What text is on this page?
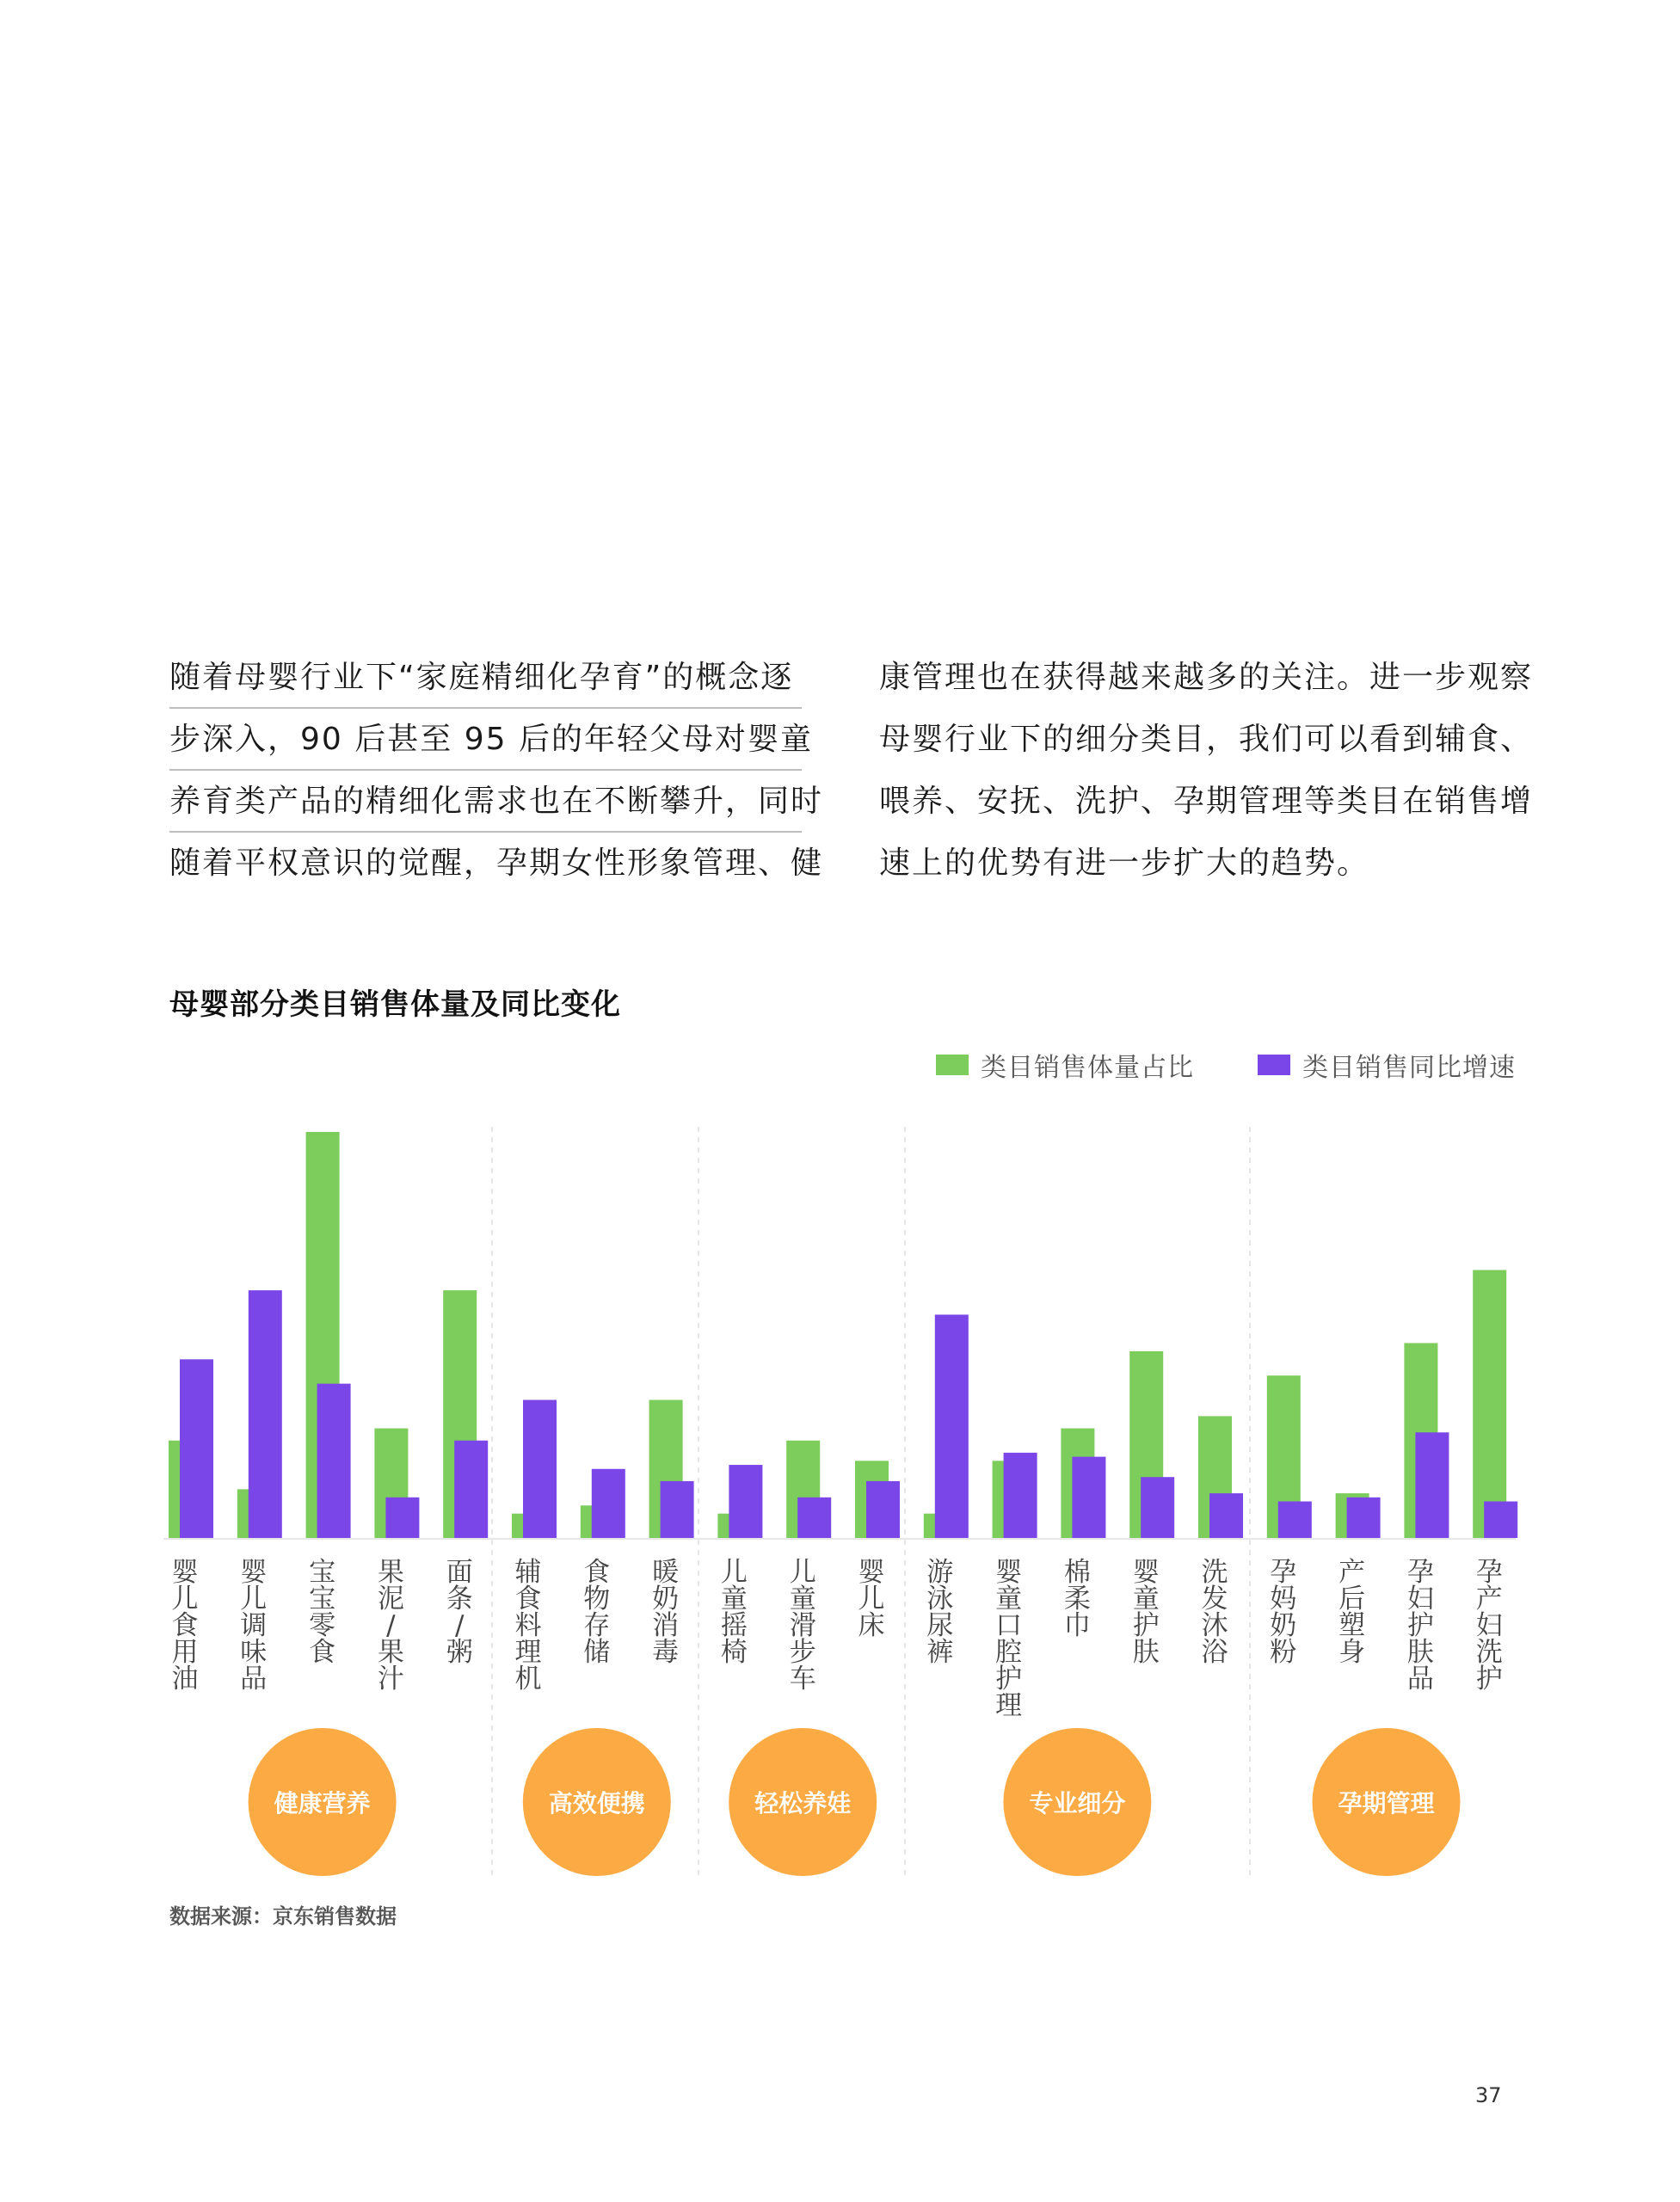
随着母婴行业下“家庭精细化孕育”的概念逐
步深入，90 后甚至 95 后的年轻父母对婴童
养育类产品的精细化需求也在不断攀升，同时
随着平权意识的觉醒，孕期女性形象管理、健
康管理也在获得越来越多的关注。进一步观察
母婴行业下的细分类目，我们可以看到辅食、
喂养、安抚、洗护、孕期管理等类目在销售增
速上的优势有进一步扩大的趋势。
母婴部分类目销售体量及同比变化
类目销售体量占比	类目销售同比增速
婴儿食用油
婴儿调味品
宝宝零食
果泥/果汁
面条/粥
辅食料理机
食物存储
暖奶消毒
儿童摇椅
儿童滑步车
婴儿床
游泳尿裤
婴童口腔护理
棉柔巾
婴童护肤
洗发沐浴
孕妈奶粉
产后塑身
孕妇护肤品
孕产妇洗护
健康营养	高效便携	轻松养娃	专业细分	孕期管理
数据来源：京东销售数据
37
